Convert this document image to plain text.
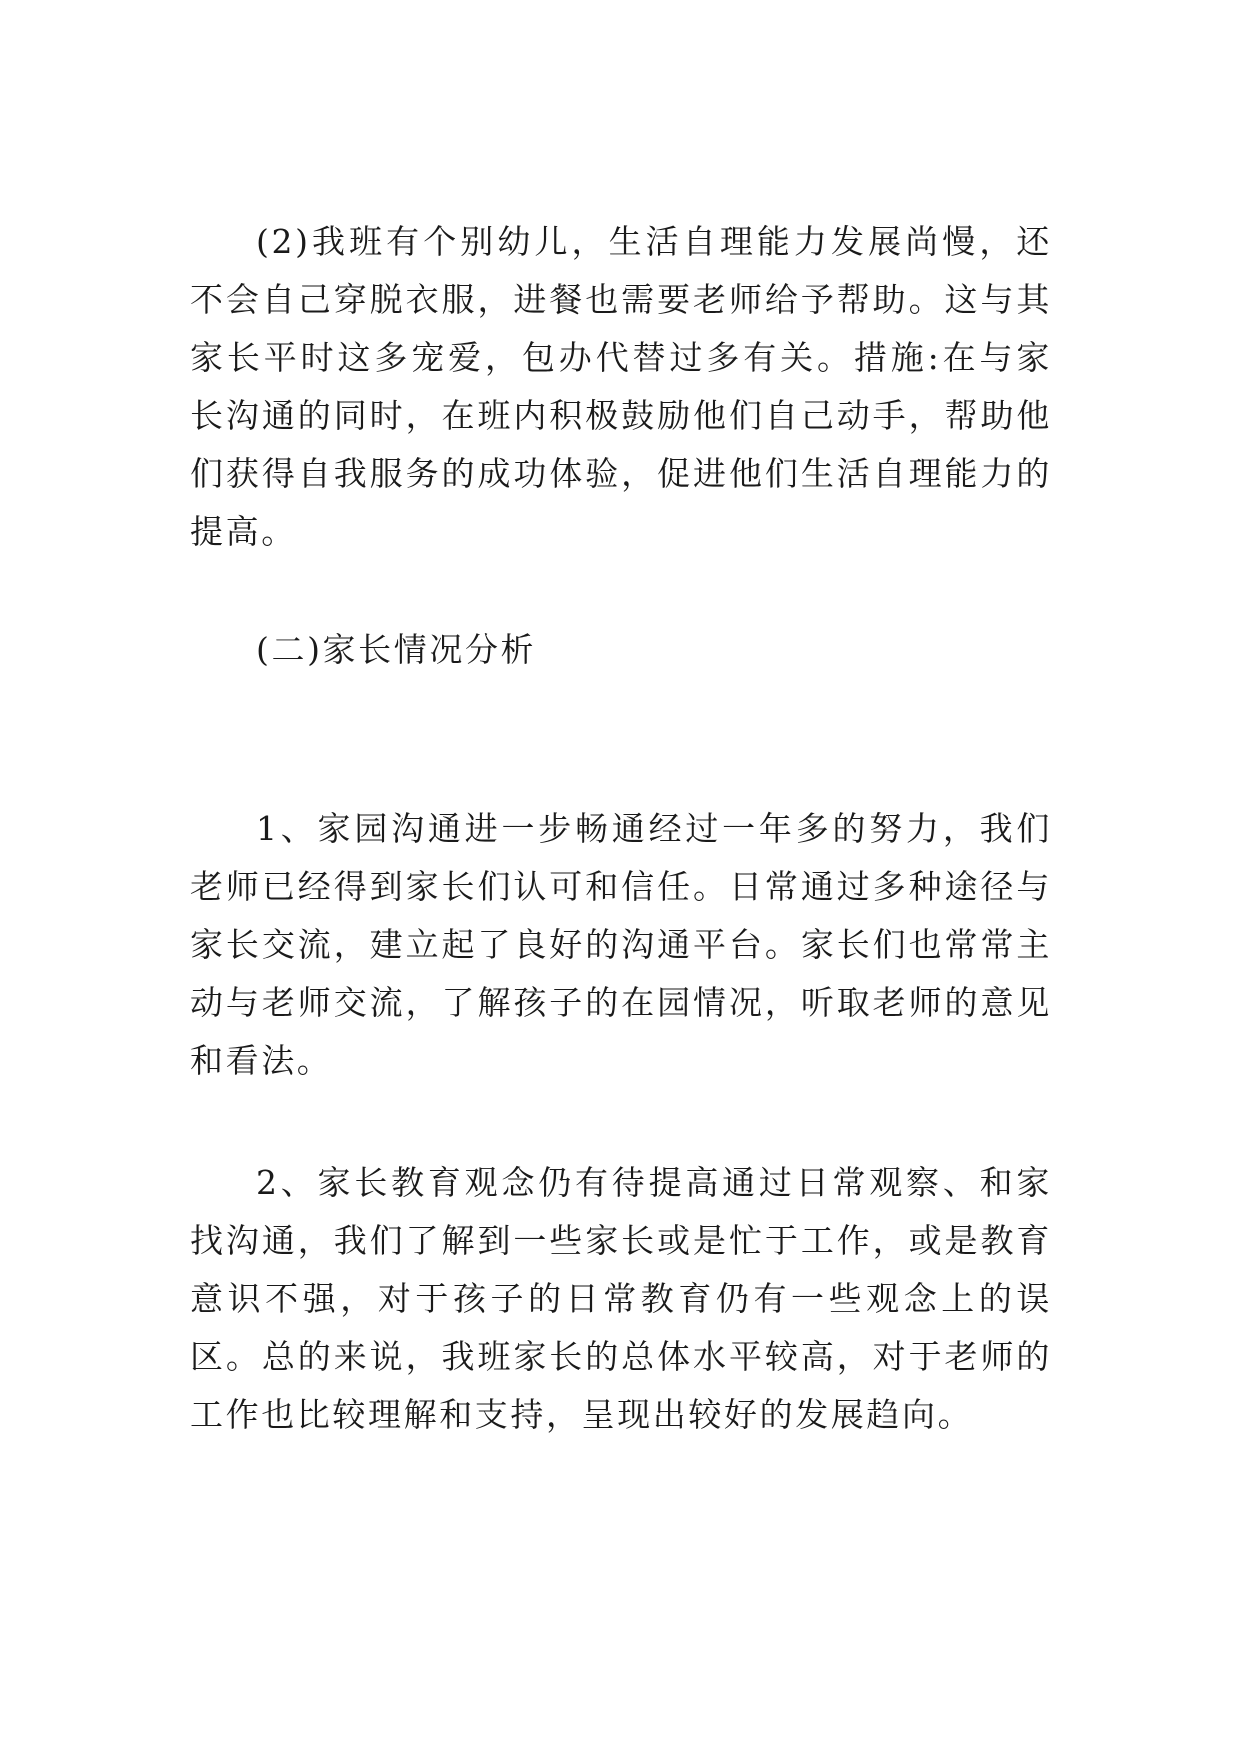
(2)我班有个别幼儿，生活自理能力发展尚慢，还不会自己穿脱衣服，进餐也需要老师给予帮助。这与其家长平时这多宠爱，包办代替过多有关。措施:在与家长沟通的同时，在班内积极鼓励他们自己动手，帮助他们获得自我服务的成功体验，促进他们生活自理能力的提高。

(二)家长情况分析

1、家园沟通进一步畅通经过一年多的努力，我们老师已经得到家长们认可和信任。日常通过多种途径与家长交流，建立起了良好的沟通平台。家长们也常常主动与老师交流，了解孩子的在园情况，听取老师的意见和看法。

2、家长教育观念仍有待提高通过日常观察、和家找沟通，我们了解到一些家长或是忙于工作，或是教育意识不强，对于孩子的日常教育仍有一些观念上的误区。总的来说，我班家长的总体水平较高，对于老师的工作也比较理解和支持，呈现出较好的发展趋向。
